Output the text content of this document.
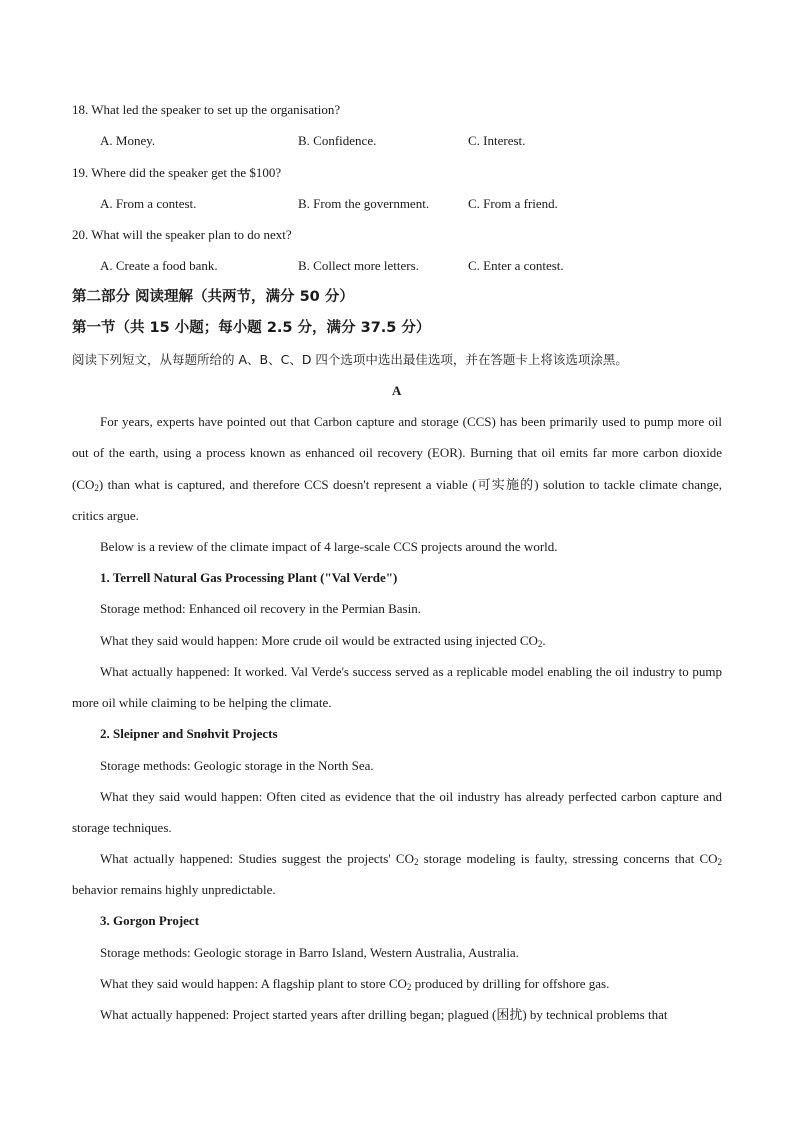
18. What led the speaker to set up the organisation?
A. Money.	B. Confidence.	C. Interest.
19. Where did the speaker get the $100?
A. From a contest.	B. From the government.	C. From a friend.
20. What will the speaker plan to do next?
A. Create a food bank.	B. Collect more letters.	C. Enter a contest.
第二部分 阅读理解（共两节，满分 50 分）
第一节（共 15 小题；每小题 2.5 分，满分 37.5 分）
阅读下列短文，从每题所给的 A、B、C、D 四个选项中选出最佳选项，并在答题卡上将该选项涂黑。
A
For years, experts have pointed out that Carbon capture and storage (CCS) has been primarily used to pump more oil out of the earth, using a process known as enhanced oil recovery (EOR). Burning that oil emits far more carbon dioxide $(CO_2)$ than what is captured, and therefore CCS doesn't represent a viable (可实施的) solution to tackle climate change, critics argue.
Below is a review of the climate impact of 4 large-scale CCS projects around the world.
1. Terrell Natural Gas Processing Plant ("Val Verde")
Storage method: Enhanced oil recovery in the Permian Basin.
What they said would happen: More crude oil would be extracted using injected $CO_2$.
What actually happened: It worked. Val Verde's success served as a replicable model enabling the oil industry to pump more oil while claiming to be helping the climate.
2. Sleipner and Snøhvit Projects
Storage methods: Geologic storage in the North Sea.
What they said would happen: Often cited as evidence that the oil industry has already perfected carbon capture and storage techniques.
What actually happened: Studies suggest the projects' $CO_2$ storage modeling is faulty, stressing concerns that $CO_2$ behavior remains highly unpredictable.
3. Gorgon Project
Storage methods: Geologic storage in Barro Island, Western Australia, Australia.
What they said would happen: A flagship plant to store $CO_2$ produced by drilling for offshore gas.
What actually happened: Project started years after drilling began; plagued (困扰) by technical problems that
